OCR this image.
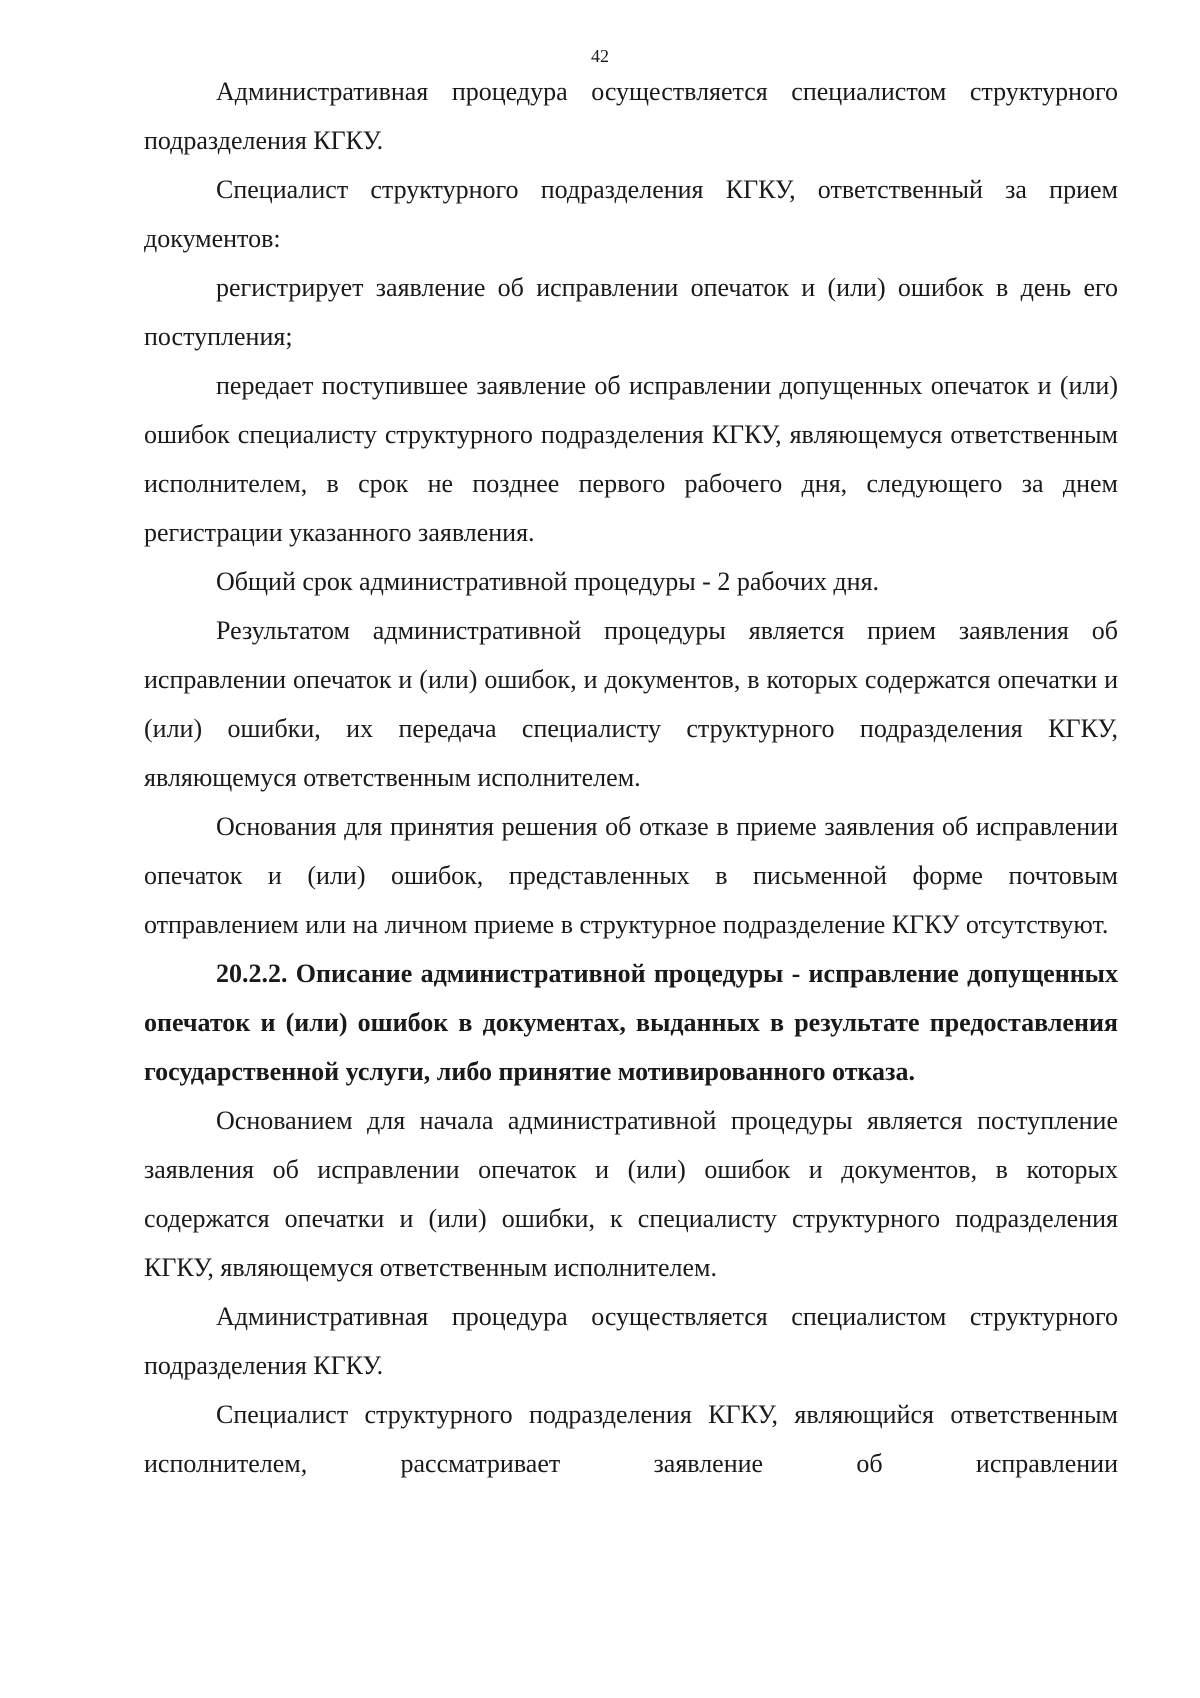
42

Административная процедура осуществляется специалистом структурного подразделения КГКУ.

Специалист структурного подразделения КГКУ, ответственный за прием документов:

регистрирует заявление об исправлении опечаток и (или) ошибок в день его поступления;

передает поступившее заявление об исправлении допущенных опечаток и (или) ошибок специалисту структурного подразделения КГКУ, являющемуся ответственным исполнителем, в срок не позднее первого рабочего дня, следующего за днем регистрации указанного заявления.

Общий срок административной процедуры - 2 рабочих дня.

Результатом административной процедуры является прием заявления об исправлении опечаток и (или) ошибок, и документов, в которых содержатся опечатки и (или) ошибки, их передача специалисту структурного подразделения КГКУ, являющемуся ответственным исполнителем.

Основания для принятия решения об отказе в приеме заявления об исправлении опечаток и (или) ошибок, представленных в письменной форме почтовым отправлением или на личном приеме в структурное подразделение КГКУ отсутствуют.

20.2.2. Описание административной процедуры - исправление допущенных опечаток и (или) ошибок в документах, выданных в результате предоставления государственной услуги, либо принятие мотивированного отказа.

Основанием для начала административной процедуры является поступление заявления об исправлении опечаток и (или) ошибок и документов, в которых содержатся опечатки и (или) ошибки, к специалисту структурного подразделения КГКУ, являющемуся ответственным исполнителем.

Административная процедура осуществляется специалистом структурного подразделения КГКУ.

Специалист структурного подразделения КГКУ, являющийся ответственным исполнителем, рассматривает заявление об исправлении
